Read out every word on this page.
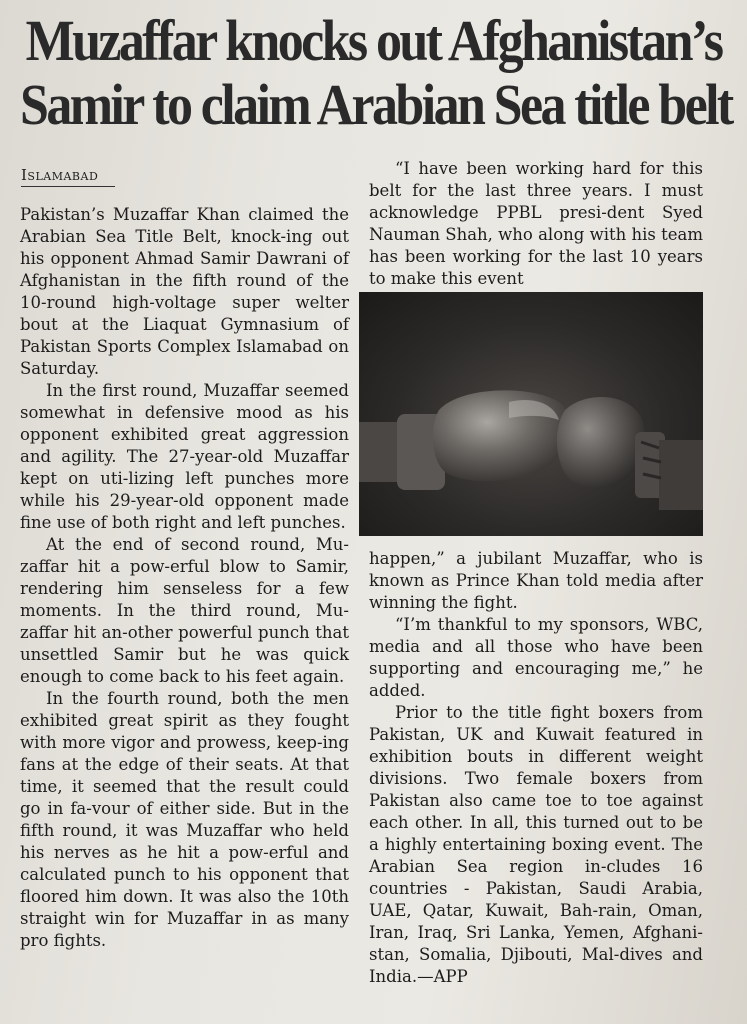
Muzaffar knocks out Afghanistan’s
Samir to claim Arabian Sea title belt
Islamabad

Pakistan’s Muzaffar Khan claimed the Arabian Sea Title Belt, knock-ing out his opponent Ahmad Samir Dawrani of Afghanistan in the fifth round of the 10-round high-voltage super welter bout at the Liaquat Gymnasium of Pakistan Sports Complex Islamabad on Saturday.

In the first round, Muzaffar seemed somewhat in defensive mood as his opponent exhibited great aggression and agility. The 27-year-old Muzaffar kept on uti-lizing left punches more while his 29-year-old opponent made fine use of both right and left punches.

At the end of second round, Mu-zaffar hit a pow-erful blow to Samir, rendering him senseless for a few moments. In the third round, Mu-zaffar hit an-other powerful punch that unsettled Samir but he was quick enough to come back to his feet again.

In the fourth round, both the men exhibited great spirit as they fought with more vigor and prowess, keep-ing fans at the edge of their seats. At that time, it seemed that the result could go in fa-vour of either side. But in the fifth round, it was Muzaffar who held his nerves as he hit a pow-erful and calculated punch to his opponent that floored him down. It was also the 10th straight win for Muzaffar in as many pro fights.

“I have been working hard for this belt for the last three years. I must acknowledge PPBL presi-dent Syed Nauman Shah, who along with his team has been working for the last 10 years to make this event

happen,” a jubilant Muzaffar, who is known as Prince Khan told media after winning the fight.

“I’m thankful to my sponsors, WBC, media and all those who have been supporting and encouraging me,” he added.

Prior to the title fight boxers from Pakistan, UK and Kuwait featured in exhibition bouts in different weight divisions. Two female boxers from Pakistan also came toe to toe against each other. In all, this turned out to be a highly entertaining boxing event. The Arabian Sea region in-cludes 16 countries - Pakistan, Saudi Arabia, UAE, Qatar, Kuwait, Bah-rain, Oman, Iran, Iraq, Sri Lanka, Yemen, Afghani-stan, Somalia, Djibouti, Mal-dives and India.—APP
